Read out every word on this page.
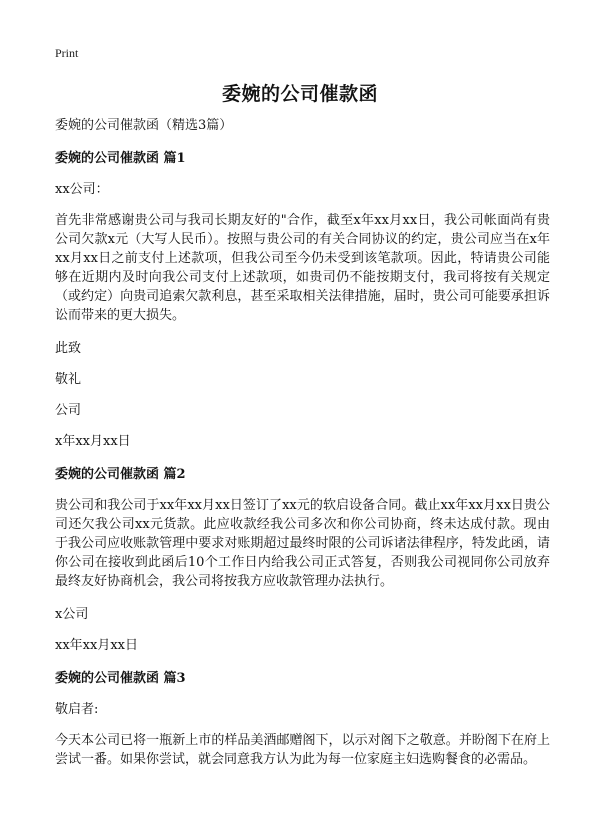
Print
委婉的公司催款函
委婉的公司催款函（精选3篇）
委婉的公司催款函 篇1
xx公司：
首先非常感谢贵公司与我司长期友好的"合作，截至x年xx月xx日，我公司帐面尚有贵公司欠款x元（大写人民币）。按照与贵公司的有关合同协议的约定，贵公司应当在x年xx月xx日之前支付上述款项，但我公司至今仍未受到该笔款项。因此，特请贵公司能够在近期内及时向我公司支付上述款项，如贵司仍不能按期支付，我司将按有关规定（或约定）向贵司追索欠款利息，甚至采取相关法律措施，届时，贵公司可能要承担诉讼而带来的更大损失。
此致
敬礼
公司
x年xx月xx日
委婉的公司催款函 篇2
贵公司和我公司于xx年xx月xx日签订了xx元的软启设备合同。截止xx年xx月xx日贵公司还欠我公司xx元货款。此应收款经我公司多次和你公司协商，终未达成付款。现由于我公司应收账款管理中要求对账期超过最终时限的公司诉诸法律程序，特发此函，请你公司在接收到此函后10个工作日内给我公司正式答复，否则我公司视同你公司放弃最终友好协商机会，我公司将按我方应收款管理办法执行。
x公司
xx年xx月xx日
委婉的公司催款函 篇3
敬启者:
今天本公司已将一瓶新上市的样品美酒邮赠阁下，以示对阁下之敬意。并盼阁下在府上尝试一番。如果你尝试，就会同意我方认为此为每一位家庭主妇选购餐食的必需品。
